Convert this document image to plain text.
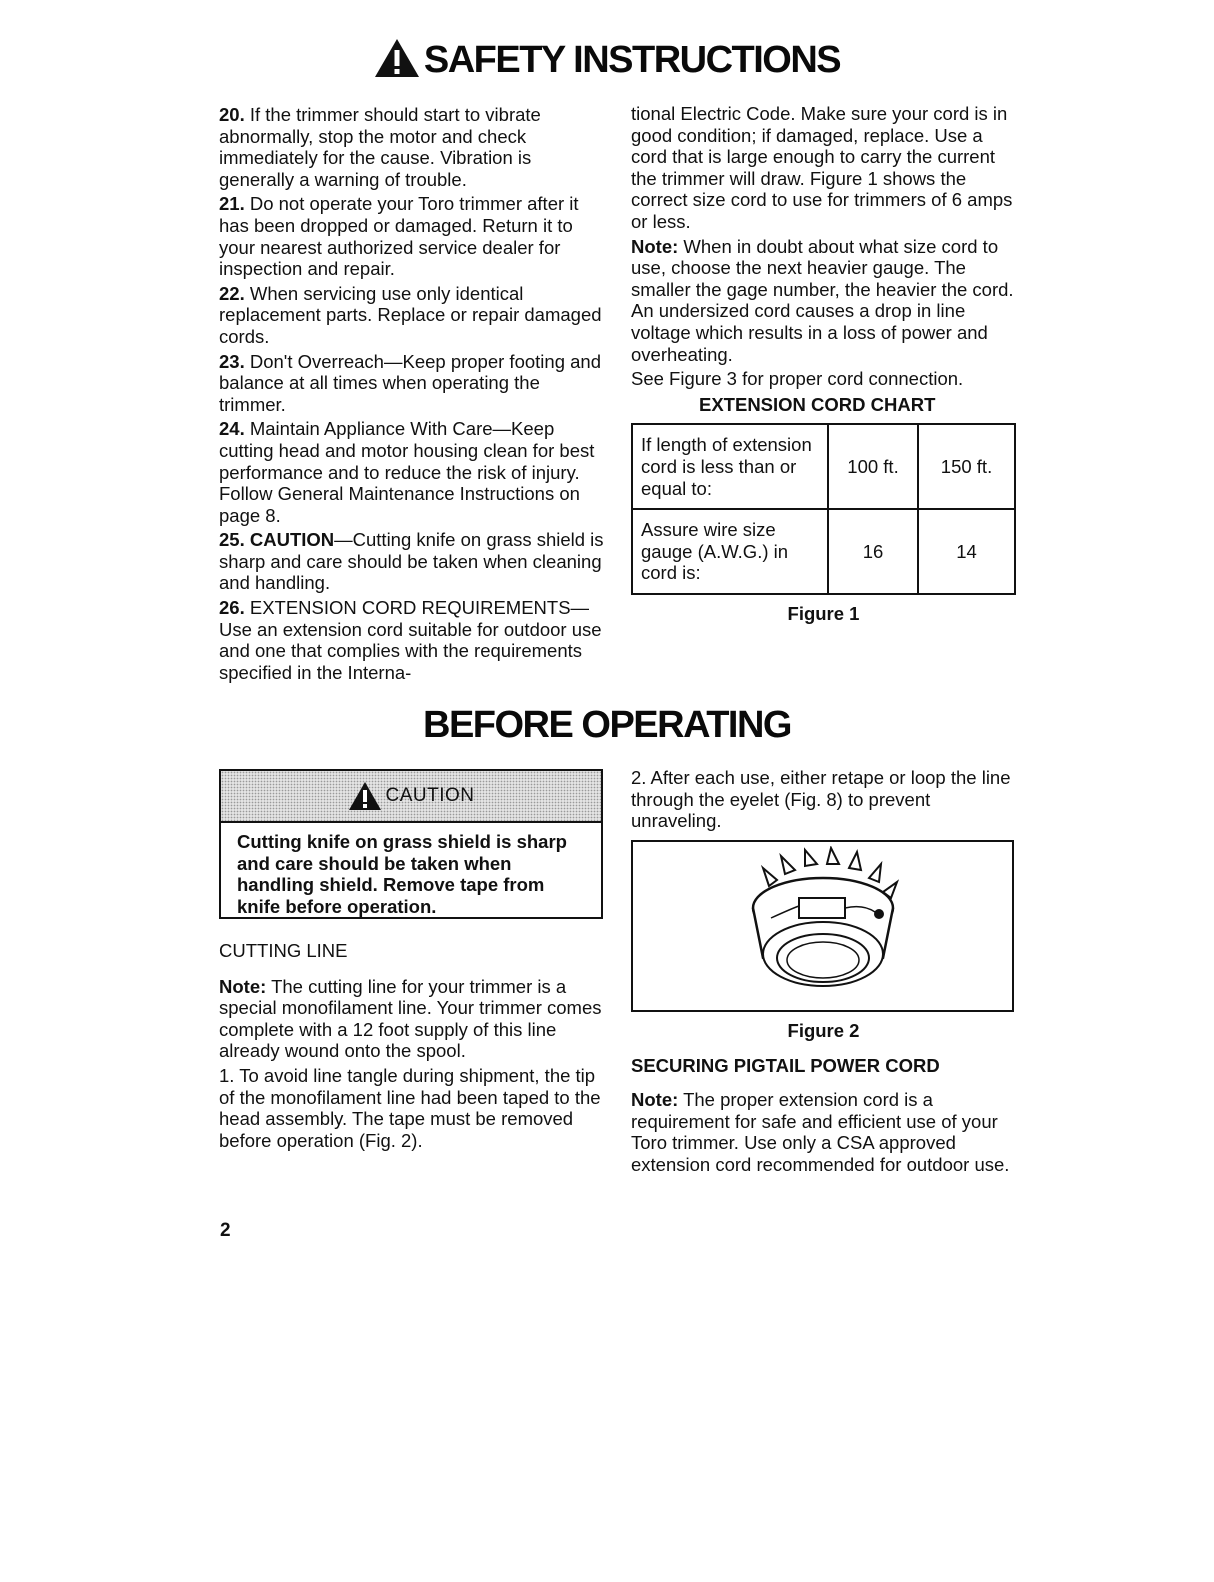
SAFETY INSTRUCTIONS

20. If the trimmer should start to vibrate abnormally, stop the motor and check immediately for the cause. Vibration is generally a warning of trouble.

21. Do not operate your Toro trimmer after it has been dropped or damaged. Return it to your nearest authorized service dealer for inspection and repair.

22. When servicing use only identical replacement parts. Replace or repair damaged cords.

23. Don't Overreach—Keep proper footing and balance at all times when operating the trimmer.

24. Maintain Appliance With Care—Keep cutting head and motor housing clean for best performance and to reduce the risk of injury. Follow General Maintenance Instructions on page 8.

25. CAUTION—Cutting knife on grass shield is sharp and care should be taken when cleaning and handling.

26. EXTENSION CORD REQUIREMENTS—Use an extension cord suitable for outdoor use and one that complies with the requirements specified in the Interna-

tional Electric Code. Make sure your cord is in good condition; if damaged, replace. Use a cord that is large enough to carry the current the trimmer will draw. Figure 1 shows the correct size cord to use for trimmers of 6 amps or less.

Note: When in doubt about what size cord to use, choose the next heavier gauge. The smaller the gage number, the heavier the cord. An undersized cord causes a drop in line voltage which results in a loss of power and overheating.

See Figure 3 for proper cord connection.

EXTENSION CORD CHART
If length of extension cord is less than or equal to:	100 ft.	150 ft.
Assure wire size gauge (A.W.G.) in cord is:	16	14
Figure 1
BEFORE OPERATING
CAUTION
Cutting knife on grass shield is sharp and care should be taken when handling shield. Remove tape from knife before operation.
CUTTING LINE

Note: The cutting line for your trimmer is a special monofilament line. Your trimmer comes complete with a 12 foot supply of this line already wound onto the spool.

1. To avoid line tangle during shipment, the tip of the monofilament line had been taped to the head assembly. The tape must be removed before operation (Fig. 2).

2. After each use, either retape or loop the line through the eyelet (Fig. 8) to prevent unraveling.

Figure 2
SECURING PIGTAIL POWER CORD

Note: The proper extension cord is a requirement for safe and efficient use of your Toro trimmer. Use only a CSA approved extension cord recommended for outdoor use.

2
